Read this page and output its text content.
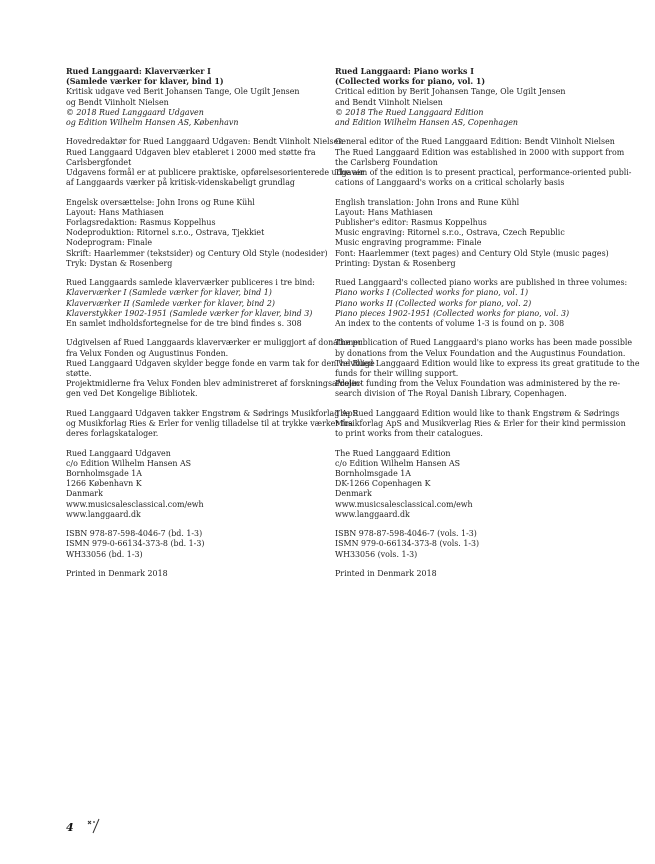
Rued Langgaard: Klaverværker I
(Samlede værker for klaver, bind 1)
Kritisk udgave ved Berit Johansen Tange, Ole Ugilt Jensen
og Bendt Viinholt Nielsen
© 2018 Rued Langgaard Udgaven
og Edition Wilhelm Hansen AS, København
Hovedredaktør for Rued Langgaard Udgaven: Bendt Viinholt Nielsen
Rued Langgaard Udgaven blev etableret i 2000 med støtte fra
Carlsbergfondet
Udgavens formål er at publicere praktiske, opførelsesorienterede udgaver
af Langgaards værker på kritisk-videnskabeligt grundlag
Engelsk oversættelse: John Irons og Rune Kühl
Layout: Hans Mathiasen
Forlagsredaktion: Rasmus Koppelhus
Nodeproduktion: Ritornel s.r.o., Ostrava, Tjekkiet
Nodeprogram: Finale
Skrift: Haarlemmer (tekstsider) og Century Old Style (nodesider)
Tryk: Dystan & Rosenberg
Rued Langgaards samlede klaverværker publiceres i tre bind:
Klaverværker I (Samlede værker for klaver, bind 1)
Klaverværker II (Samlede værker for klaver, bind 2)
Klaverstykker 1902-1951 (Samlede værker for klaver, bind 3)
En samlet indholdsfortegnelse for de tre bind findes s. 308
Udgivelsen af Rued Langgaards klaverværker er muliggjort af donationer
fra Velux Fonden og Augustinus Fonden.
Rued Langgaard Udgaven skylder begge fonde en varm tak for den velvillige
støtte.
Projektmidlerne fra Velux Fonden blev administreret af forskningsafdelin-
gen ved Det Kongelige Bibliotek.
Rued Langgaard Udgaven takker Engstrøm & Sødrings Musikforlag ApS
og Musikforlag Ries & Erler for venlig tilladelse til at trykke værker fra
deres forlagskataloger.
Rued Langgaard Udgaven
c/o Edition Wilhelm Hansen AS
Bornholmsgade 1A
1266 København K
Danmark
www.musicsalesclassical.com/ewh
www.langgaard.dk
ISBN 978-87-598-4046-7 (bd. 1-3)
ISMN 979-0-66134-373-8 (bd. 1-3)
WH33056 (bd. 1-3)
Printed in Denmark 2018
Rued Langgaard: Piano works I
(Collected works for piano, vol. 1)
Critical edition by Berit Johansen Tange, Ole Ugilt Jensen
and Bendt Viinholt Nielsen
© 2018 The Rued Langgaard Edition
and Edition Wilhelm Hansen AS, Copenhagen
General editor of the Rued Langgaard Edition: Bendt Viinholt Nielsen
The Rued Langgaard Edition was established in 2000 with support from
the Carlsberg Foundation
The aim of the edition is to present practical, performance-oriented publi-
cations of Langgaard's works on a critical scholarly basis
English translation: John Irons and Rune Kühl
Layout: Hans Mathiasen
Publisher's editor: Rasmus Koppelhus
Music engraving: Ritornel s.r.o., Ostrava, Czech Republic
Music engraving programme: Finale
Font: Haarlemmer (text pages) and Century Old Style (music pages)
Printing: Dystan & Rosenberg
Rued Langgaard's collected piano works are published in three volumes:
Piano works I (Collected works for piano, vol. 1)
Piano works II (Collected works for piano, vol. 2)
Piano pieces 1902-1951 (Collected works for piano, vol. 3)
An index to the contents of volume 1-3 is found on p. 308
The publication of Rued Langgaard's piano works has been made possible
by donations from the Velux Foundation and the Augustinus Foundation.
The Rued Langgaard Edition would like to express its great gratitude to the
funds for their willing support.
Project funding from the Velux Foundation was administered by the re-
search division of The Royal Danish Library, Copenhagen.
The Rued Langgaard Edition would like to thank Engstrøm & Sødrings
Musikforlag ApS and Musikverlag Ries & Erler for their kind permission
to print works from their catalogues.
The Rued Langgaard Edition
c/o Edition Wilhelm Hansen AS
Bornholmsgade 1A
DK-1266 Copenhagen K
Denmark
www.musicsalesclassical.com/ewh
www.langgaard.dk
ISBN 978-87-598-4046-7 (vols. 1-3)
ISMN 979-0-66134-373-8 (vols. 1-3)
WH33056 (vols. 1-3)
Printed in Denmark 2018
4
